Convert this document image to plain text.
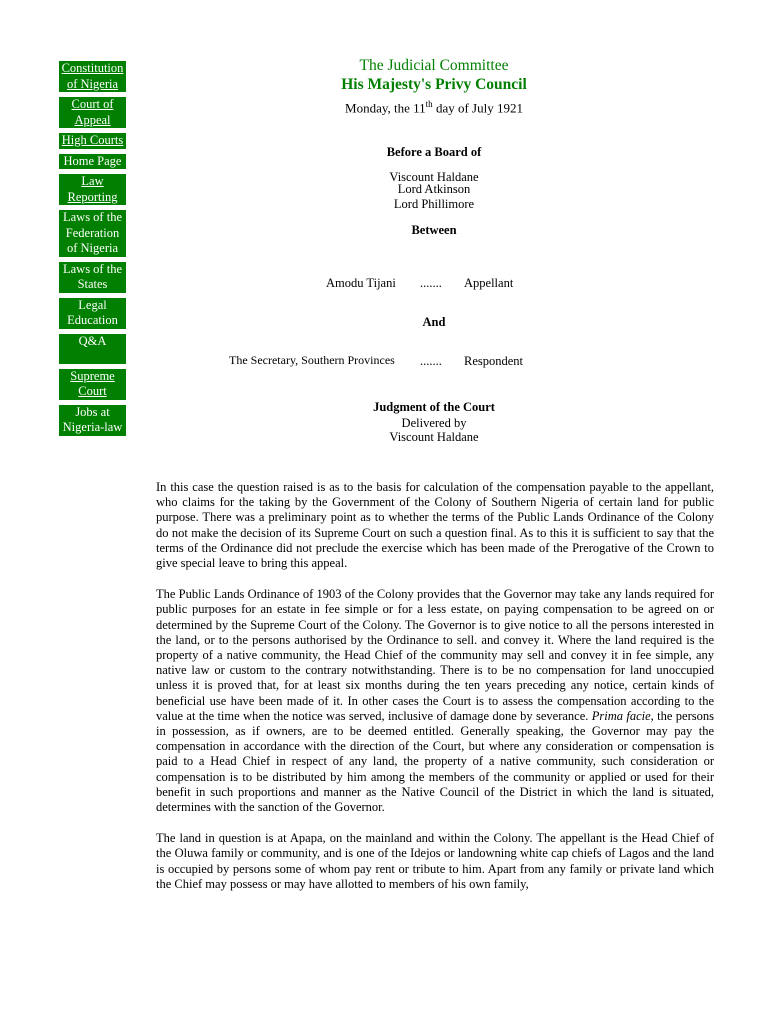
Constitution
of Nigeria
Court of
Appeal
High Courts
Home Page
Law
Reporting
Laws of the
Federation
of Nigeria
Laws of the
States
Legal
Education
Q&A
Supreme
Court
Jobs at
Nigeria-law

The Judicial Committee

His Majesty's Privy Council

Monday, the 11th day of July 1921

Before a Board of
Viscount Haldane
Lord Atkinson
Lord Phillimore
Between
Amodu Tijani ....... Appellant
And
The Secretary, Southern Provinces ....... Respondent
Judgment of the Court
Delivered by
Viscount Haldane

In this case the question raised is as to the basis for calculation of the compensation payable to the appellant, who claims for the taking by the Government of the Colony of Southern Nigeria of certain land for public purpose. There was a preliminary point as to whether the terms of the Public Lands Ordinance of the Colony do not make the decision of its Supreme Court on such a question final. As to this it is sufficient to say that the terms of the Ordinance did not preclude the exercise which has been made of the Prerogative of the Crown to give special leave to bring this appeal.

The Public Lands Ordinance of 1903 of the Colony provides that the Governor may take any lands required for public purposes for an estate in fee simple or for a less estate, on paying compensation to be agreed on or determined by the Supreme Court of the Colony. The Governor is to give notice to all the persons interested in the land, or to the persons authorised by the Ordinance to sell. and convey it. Where the land required is the property of a native community, the Head Chief of the community may sell and convey it in fee simple, any native law or custom to the contrary notwithstanding. There is to be no compensation for land unoccupied unless it is proved that, for at least six months during the ten years preceding any notice, certain kinds of beneficial use have been made of it. In other cases the Court is to assess the compensation according to the value at the time when the notice was served, inclusive of damage done by severance. Prima facie, the persons in possession, as if owners, are to be deemed entitled. Generally speaking, the Governor may pay the compensation in accordance with the direction of the Court, but where any consideration or compensation is paid to a Head Chief in respect of any land, the property of a native community, such consideration or compensation is to be distributed by him among the members of the community or applied or used for their benefit in such proportions and manner as the Native Council of the District in which the land is situated, determines with the sanction of the Governor.

The land in question is at Apapa, on the mainland and within the Colony. The appellant is the Head Chief of the Oluwa family or community, and is one of the Idejos or landowning white cap chiefs of Lagos and the land is occupied by persons some of whom pay rent or tribute to him. Apart from any family or private land which the Chief may possess or may have allotted to members of his own family,
